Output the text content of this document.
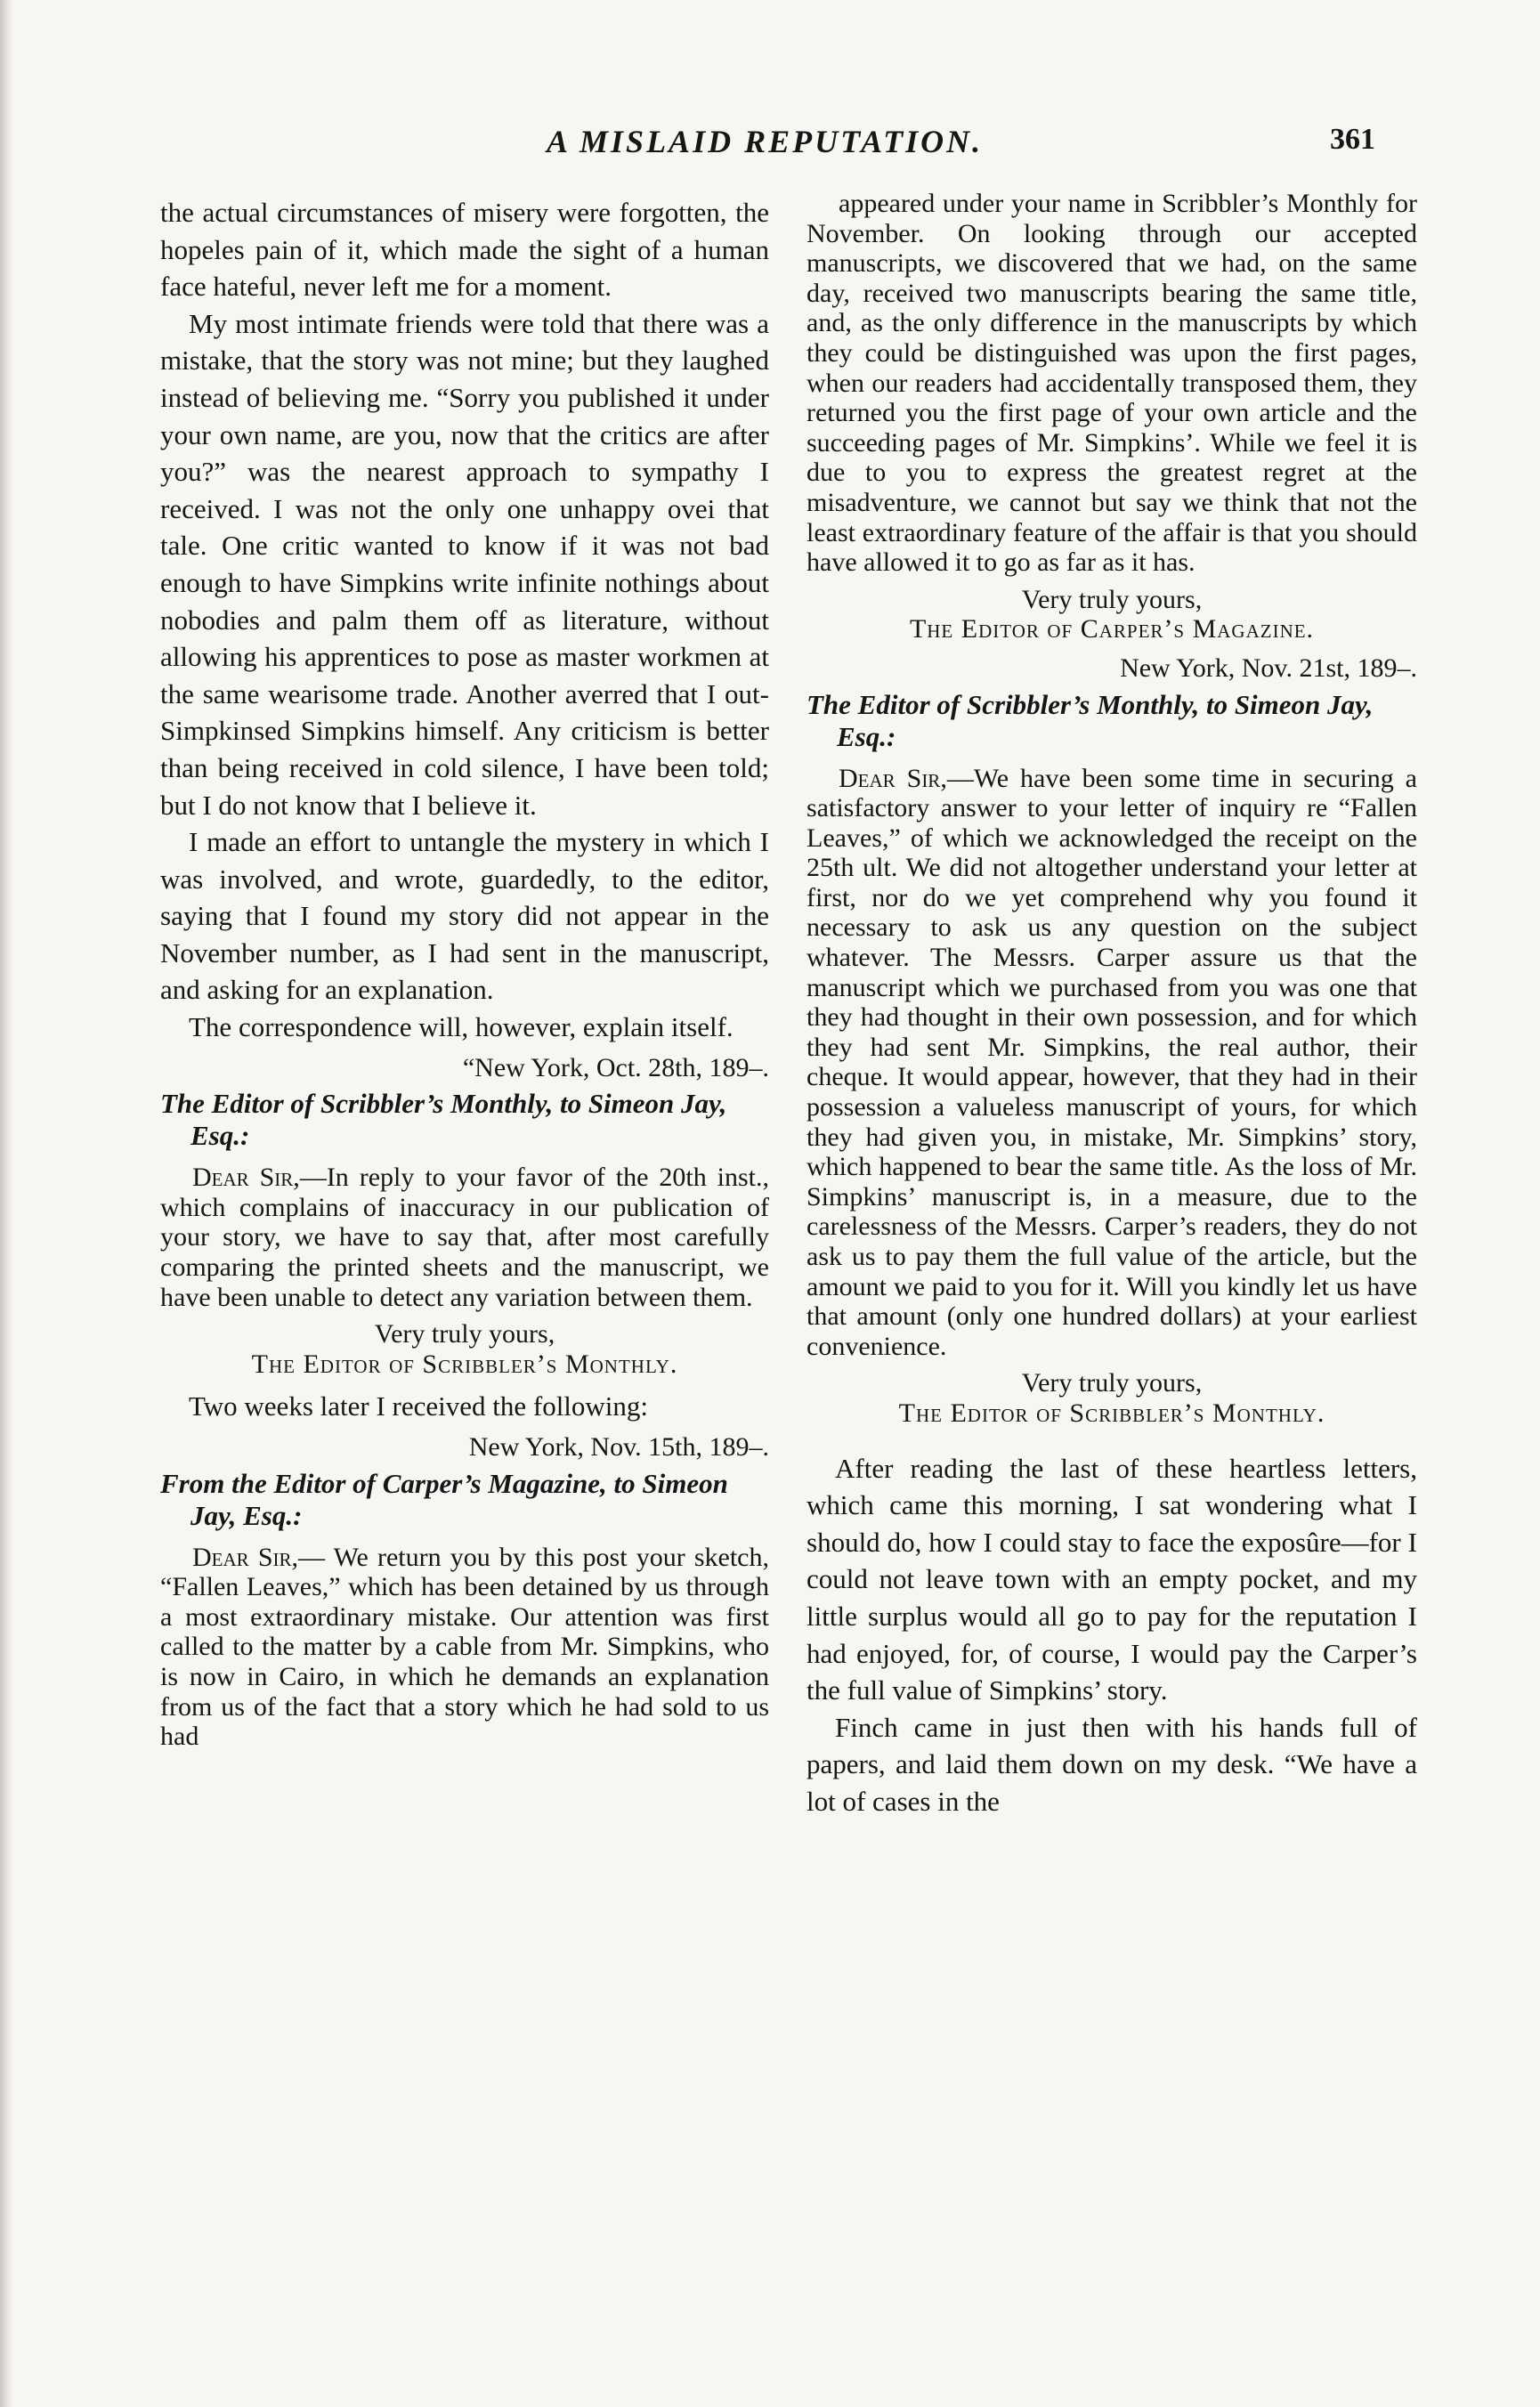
A MISLAID REPUTATION.	361

the actual circumstances of misery were forgotten, the hopeles pain of it, which made the sight of a human face hateful, never left me for a moment.

My most intimate friends were told that there was a mistake, that the story was not mine; but they laughed instead of believing me. “Sorry you published it under your own name, are you, now that the critics are after you?” was the nearest approach to sympathy I received. I was not the only one unhappy ovei that tale. One critic wanted to know if it was not bad enough to have Simpkins write infinite nothings about nobodies and palm them off as literature, without allowing his apprentices to pose as master workmen at the same wearisome trade. Another averred that I out-Simpkinsed Simpkins himself. Any criticism is better than being received in cold silence, I have been told; but I do not know that I believe it.

I made an effort to untangle the mystery in which I was involved, and wrote, guardedly, to the editor, saying that I found my story did not appear in the November number, as I had sent in the manuscript, and asking for an explanation.

The correspondence will, however, explain itself.

“New York, Oct. 28th, 189–.

The Editor of Scribbler’s Monthly, to Simeon Jay, Esq.:

Dear Sir,—In reply to your favor of the 20th inst., which complains of inaccuracy in our publication of your story, we have to say that, after most carefully comparing the printed sheets and the manuscript, we have been unable to detect any variation between them.

Very truly yours,

The Editor of Scribbler’s Monthly.

Two weeks later I received the following:

New York, Nov. 15th, 189–.

From the Editor of Carper’s Magazine, to Simeon Jay, Esq.:

Dear Sir,— We return you by this post your sketch, “Fallen Leaves,” which has been detained by us through a most extraordinary mistake. Our attention was first called to the matter by a cable from Mr. Simpkins, who is now in Cairo, in which he demands an explanation from us of the fact that a story which he had sold to us had

appeared under your name in Scribbler’s Monthly for November. On looking through our accepted manuscripts, we discovered that we had, on the same day, received two manuscripts bearing the same title, and, as the only difference in the manuscripts by which they could be distinguished was upon the first pages, when our readers had accidentally transposed them, they returned you the first page of your own article and the succeeding pages of Mr. Simpkins’. While we feel it is due to you to express the greatest regret at the misadventure, we cannot but say we think that not the least extraordinary feature of the affair is that you should have allowed it to go as far as it has.

Very truly yours,

The Editor of Carper’s Magazine.

New York, Nov. 21st, 189–.

The Editor of Scribbler’s Monthly, to Simeon Jay, Esq.:

Dear Sir,—We have been some time in securing a satisfactory answer to your letter of inquiry re “Fallen Leaves,” of which we acknowledged the receipt on the 25th ult. We did not altogether understand your letter at first, nor do we yet comprehend why you found it necessary to ask us any question on the subject whatever. The Messrs. Carper assure us that the manuscript which we purchased from you was one that they had thought in their own possession, and for which they had sent Mr. Simpkins, the real author, their cheque. It would appear, however, that they had in their possession a valueless manuscript of yours, for which they had given you, in mistake, Mr. Simpkins’ story, which happened to bear the same title. As the loss of Mr. Simpkins’ manuscript is, in a measure, due to the carelessness of the Messrs. Carper’s readers, they do not ask us to pay them the full value of the article, but the amount we paid to you for it. Will you kindly let us have that amount (only one hundred dollars) at your earliest convenience.

Very truly yours,

The Editor of Scribbler’s Monthly.

After reading the last of these heartless letters, which came this morning, I sat wondering what I should do, how I could stay to face the exposûre—for I could not leave town with an empty pocket, and my little surplus would all go to pay for the reputation I had enjoyed, for, of course, I would pay the Carper’s the full value of Simpkins’ story.

Finch came in just then with his hands full of papers, and laid them down on my desk. “We have a lot of cases in the
